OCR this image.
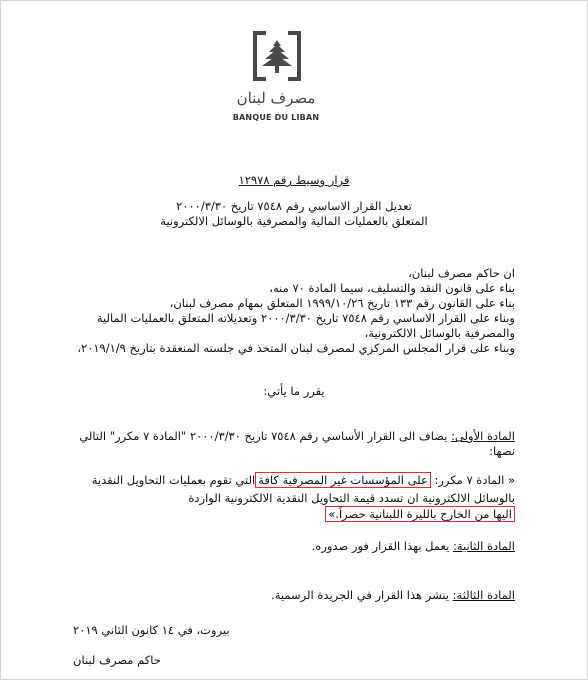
مصرف لبنان
BANQUE DU LIBAN
قرار وسيط رقم ١٢٩٧٨
تعديل القرار الاساسي رقم ٧٥٤٨ تاريخ ٢٠٠٠/٣/٣٠
المتعلق بالعمليات المالية والمصرفية بالوسائل الالكترونية
ان حاكم مصرف لبنان،
بناء على قانون النقد والتسليف، سيما المادة ٧٠ منه،
بناء على القانون رقم ١٣٣ تاريخ ١٩٩٩/١٠/٢٦ المتعلق بمهام مصرف لبنان،
وبناء على القرار الاساسي رقم ٧٥٤٨ تاريخ ٢٠٠٠/٣/٣٠ وتعديلاته المتعلق بالعمليات المالية
والمصرفية بالوسائل الالكترونية،
وبناء على قرار المجلس المركزي لمصرف لبنان المتخذ في جلسته المنعقدة بتاريخ ٢٠١٩/١/٩،
يقرر ما يأتي:
المادة الأولى: يضاف الى القرار الأساسي رقم ٧٥٤٨ تاريخ ٢٠٠٠/٣/٣٠ "المادة ٧ مكرر" التالي
نصها:
« المادة ٧ مكرر: على المؤسسات غير المصرفية كافةالتي تقوم بعمليات التحاويل النقدية
بالوسائل الالكترونية ان تسدد قيمة التحاويل النقدية الالكترونية الواردة
اليها من الخارج بالليرة اللبنانية حصراً.»
المادة الثانية: يعمل بهذا القرار فور صدوره.
المادة الثالثة: ينشر هذا القرار في الجريدة الرسمية.
بيروت، في ١٤ كانون الثاني ٢٠١٩
حاكم مصرف لبنان
